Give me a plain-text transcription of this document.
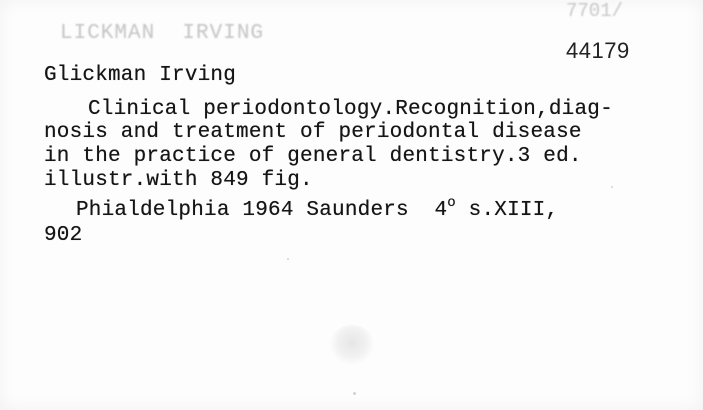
LICKMAN  IRVING
7701/
44179
Glickman Irving
Clinical periodontology.Recognition,diag-
nosis and treatment of periodontal disease
in the practice of general dentistry.3 ed.
illustr.with 849 fig.
Phialdelphia 1964 Saunders  4$^o$ s.XIII,
902
